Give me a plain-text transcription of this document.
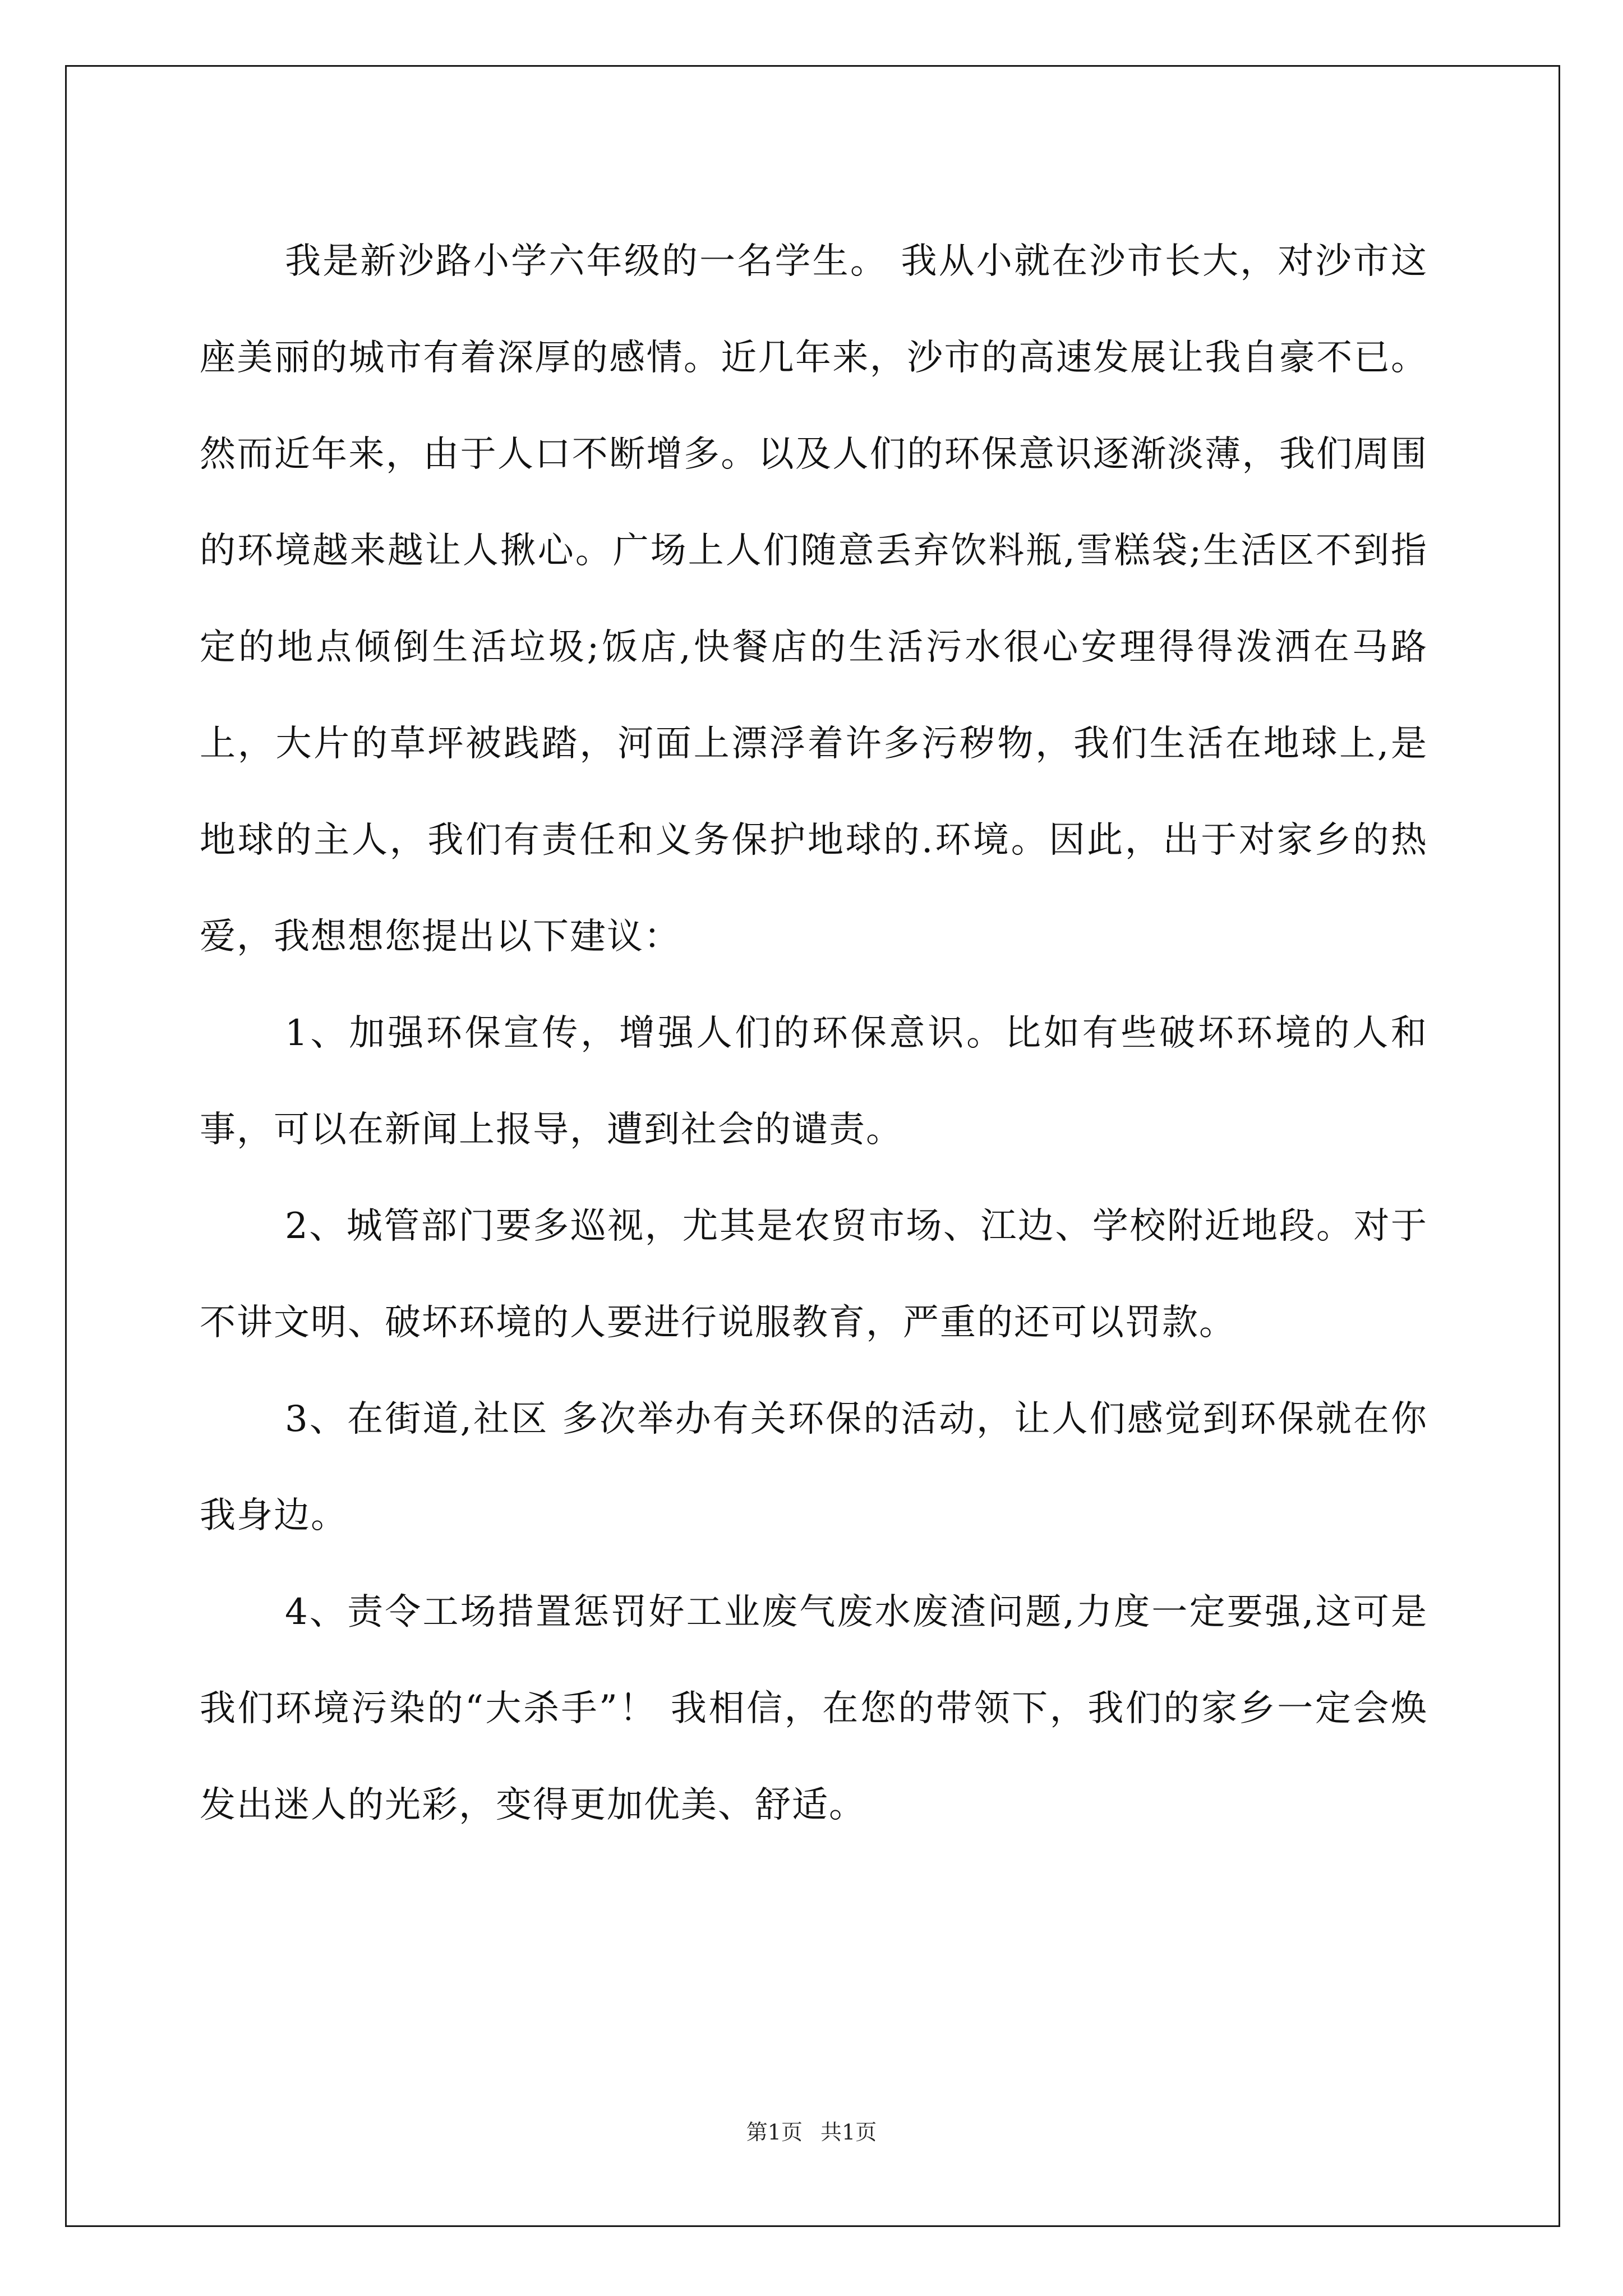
我是新沙路小学六年级的一名学生。 我从小就在沙市长大，对沙市这座美丽的城市有着深厚的感情。近几年来，沙市的高速发展让我自豪不已。然而近年来，由于人口不断增多。以及人们的环保意识逐渐淡薄，我们周围的环境越来越让人揪心。广场上人们随意丢弃饮料瓶,雪糕袋;生活区不到指定的地点倾倒生活垃圾;饭店,快餐店的生活污水很心安理得得泼洒在马路上，大片的草坪被践踏，河面上漂浮着许多污秽物，我们生活在地球上,是地球的主人，我们有责任和义务保护地球的.环境。因此，出于对家乡的热爱，我想想您提出以下建议：

1、加强环保宣传，增强人们的环保意识。比如有些破坏环境的人和事，可以在新闻上报导，遭到社会的谴责。

2、城管部门要多巡视，尤其是农贸市场、江边、学校附近地段。对于不讲文明、破坏环境的人要进行说服教育，严重的还可以罚款。

3、在街道,社区 多次举办有关环保的活动，让人们感觉到环保就在你我身边。

4、责令工场措置惩罚好工业废气废水废渣问题,力度一定要强,这可是我们环境污染的“大杀手”！ 我相信，在您的带领下，我们的家乡一定会焕发出迷人的光彩，变得更加优美、舒适。

第1页 共1页
